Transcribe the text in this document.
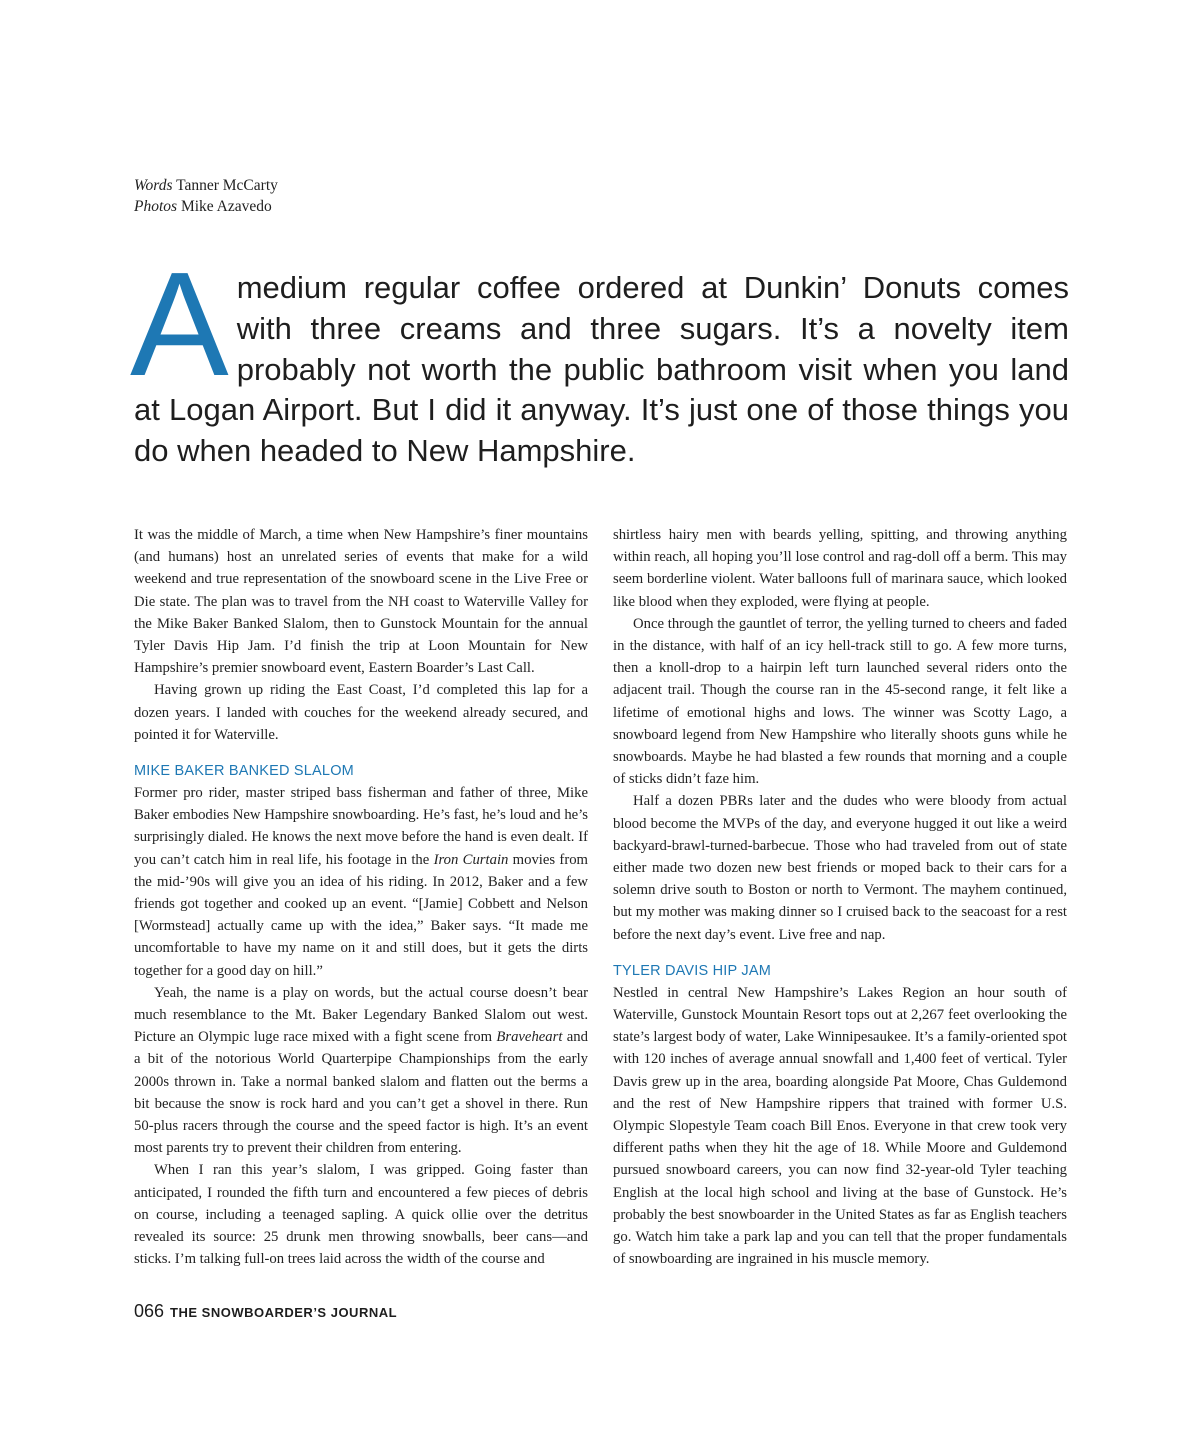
Words Tanner McCarty
Photos Mike Azavedo

Amedium regular coffee ordered at Dunkin’ Donuts comes with three creams and three sugars. It’s a novelty item probably not worth the public bathroom visit when you land at Logan Airport. But I did it anyway. It’s just one of those things you do when headed to New Hampshire.

It was the middle of March, a time when New Hampshire’s finer mountains (and humans) host an unrelated series of events that make for a wild weekend and true representation of the snowboard scene in the Live Free or Die state. The plan was to travel from the NH coast to Waterville Valley for the Mike Baker Banked Slalom, then to Gunstock Mountain for the annual Tyler Davis Hip Jam. I’d finish the trip at Loon Mountain for New Hampshire’s premier snowboard event, Eastern Boarder’s Last Call.

Having grown up riding the East Coast, I’d completed this lap for a dozen years. I landed with couches for the weekend already secured, and pointed it for Waterville.

MIKE BAKER BANKED SLALOM

Former pro rider, master striped bass fisherman and father of three, Mike Baker embodies New Hampshire snowboarding. He’s fast, he’s loud and he’s surprisingly dialed. He knows the next move before the hand is even dealt. If you can’t catch him in real life, his footage in the Iron Curtain movies from the mid-’90s will give you an idea of his riding. In 2012, Baker and a few friends got together and cooked up an event. “[Jamie] Cobbett and Nelson [Wormstead] actually came up with the idea,” Baker says. “It made me uncomfortable to have my name on it and still does, but it gets the dirts together for a good day on hill.”

Yeah, the name is a play on words, but the actual course doesn’t bear much resemblance to the Mt. Baker Legendary Banked Slalom out west. Picture an Olympic luge race mixed with a fight scene from Braveheart and a bit of the notorious World Quarterpipe Championships from the early 2000s thrown in. Take a normal banked slalom and flatten out the berms a bit because the snow is rock hard and you can’t get a shovel in there. Run 50-plus racers through the course and the speed factor is high. It’s an event most parents try to prevent their children from entering.

When I ran this year’s slalom, I was gripped. Going faster than anticipated, I rounded the fifth turn and encountered a few pieces of debris on course, including a teenaged sapling. A quick ollie over the detritus revealed its source: 25 drunk men throwing snowballs, beer cans—and sticks. I’m talking full-on trees laid across the width of the course and

shirtless hairy men with beards yelling, spitting, and throwing anything within reach, all hoping you’ll lose control and rag-doll off a berm. This may seem borderline violent. Water balloons full of marinara sauce, which looked like blood when they exploded, were flying at people.

Once through the gauntlet of terror, the yelling turned to cheers and faded in the distance, with half of an icy hell-track still to go. A few more turns, then a knoll-drop to a hairpin left turn launched several riders onto the adjacent trail. Though the course ran in the 45-second range, it felt like a lifetime of emotional highs and lows. The winner was Scotty Lago, a snowboard legend from New Hampshire who literally shoots guns while he snowboards. Maybe he had blasted a few rounds that morning and a couple of sticks didn’t faze him.

Half a dozen PBRs later and the dudes who were bloody from actual blood become the MVPs of the day, and everyone hugged it out like a weird backyard-brawl-turned-barbecue. Those who had traveled from out of state either made two dozen new best friends or moped back to their cars for a solemn drive south to Boston or north to Vermont. The mayhem continued, but my mother was making dinner so I cruised back to the seacoast for a rest before the next day’s event. Live free and nap.

TYLER DAVIS HIP JAM

Nestled in central New Hampshire’s Lakes Region an hour south of Waterville, Gunstock Mountain Resort tops out at 2,267 feet overlooking the state’s largest body of water, Lake Winnipesaukee. It’s a family-oriented spot with 120 inches of average annual snowfall and 1,400 feet of vertical. Tyler Davis grew up in the area, boarding alongside Pat Moore, Chas Guldemond and the rest of New Hampshire rippers that trained with former U.S. Olympic Slopestyle Team coach Bill Enos. Everyone in that crew took very different paths when they hit the age of 18. While Moore and Guldemond pursued snowboard careers, you can now find 32-year-old Tyler teaching English at the local high school and living at the base of Gunstock. He’s probably the best snowboarder in the United States as far as English teachers go. Watch him take a park lap and you can tell that the proper fundamentals of snowboarding are ingrained in his muscle memory.

066 THE SNOWBOARDER’S JOURNAL
